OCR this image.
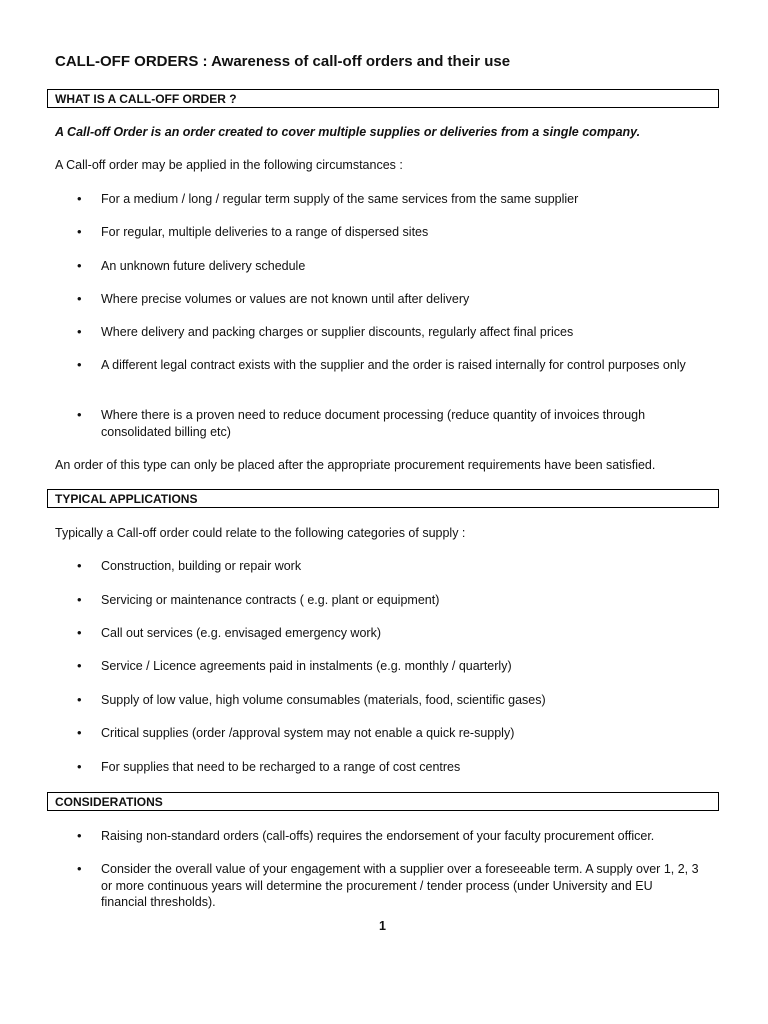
CALL-OFF ORDERS : Awareness of call-off orders and their use
WHAT IS A CALL-OFF ORDER ?
A Call-off Order is an order created to cover multiple supplies or deliveries from a single company.
A Call-off order may be applied in the following circumstances :
•	For a medium / long / regular term supply of the same services from the same supplier
•	For regular, multiple deliveries to a range of dispersed sites
•	An unknown future delivery schedule
•	Where precise volumes or values are not known until after delivery
•	Where delivery and packing charges or supplier discounts, regularly affect final prices
•	A different legal contract exists with the supplier and the order is raised internally for control purposes only
•	Where there is a proven need to reduce document processing (reduce quantity of invoices through consolidated billing etc)
An order of this type can only be placed after the appropriate procurement requirements have been satisfied.
TYPICAL APPLICATIONS
Typically a Call-off order could relate to the following categories of supply :
•	Construction, building or repair work
•	Servicing or maintenance contracts ( e.g. plant or equipment)
•	Call out services (e.g. envisaged emergency work)
•	Service / Licence agreements paid in instalments (e.g. monthly / quarterly)
•	Supply of low value, high volume consumables (materials, food, scientific gases)
•	Critical supplies (order /approval system may not enable a quick re-supply)
•	For supplies that need to be recharged to a range of cost centres
CONSIDERATIONS
•	Raising non-standard orders (call-offs) requires the endorsement of your faculty procurement officer.
•	Consider the overall value of your engagement with a supplier over a foreseeable term. A supply over 1, 2, 3 or more continuous years will determine the procurement / tender process (under University and EU financial thresholds).
1
